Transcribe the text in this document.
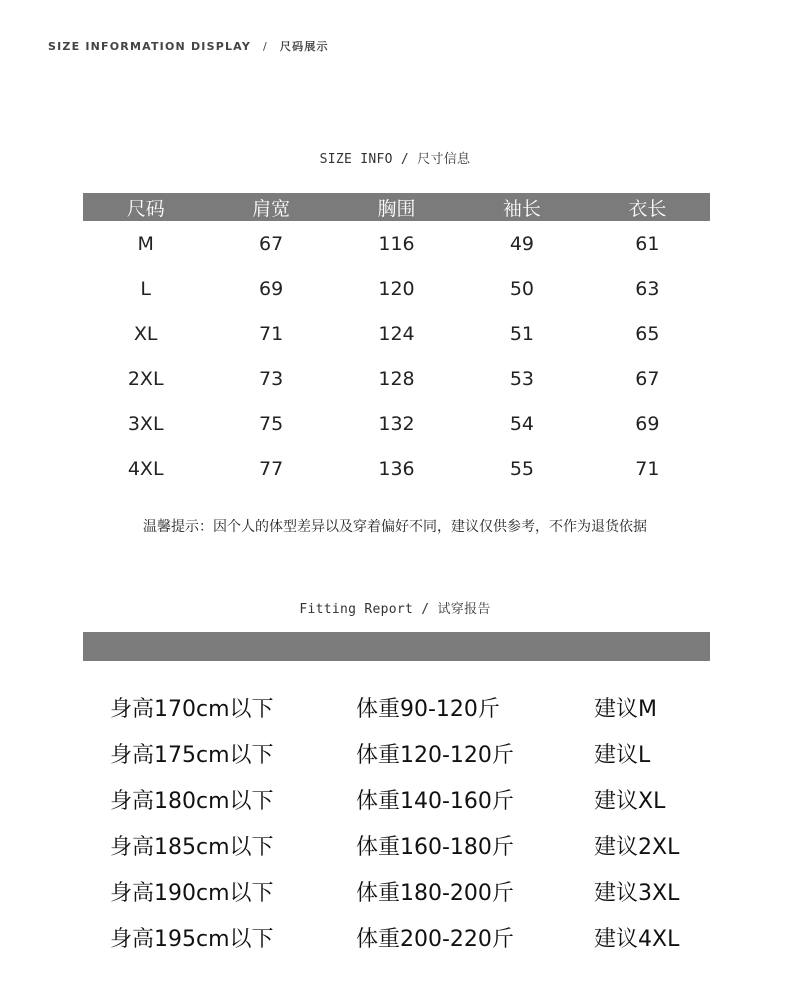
SIZE INFORMATION DISPLAY / 尺码展示
SIZE INFO / 尺寸信息
尺码	肩宽	胸围	袖长	衣长
M	67	116	49	61
L	69	120	50	63
XL	71	124	51	65
2XL	73	128	53	67
3XL	75	132	54	69
4XL	77	136	55	71
温馨提示：因个人的体型差异以及穿着偏好不同，建议仅供参考，不作为退货依据
Fitting Report / 试穿报告
身高170cm以下	体重90-120斤	建议M
身高175cm以下	体重120-120斤	建议L
身高180cm以下	体重140-160斤	建议XL
身高185cm以下	体重160-180斤	建议2XL
身高190cm以下	体重180-200斤	建议3XL
身高195cm以下	体重200-220斤	建议4XL
